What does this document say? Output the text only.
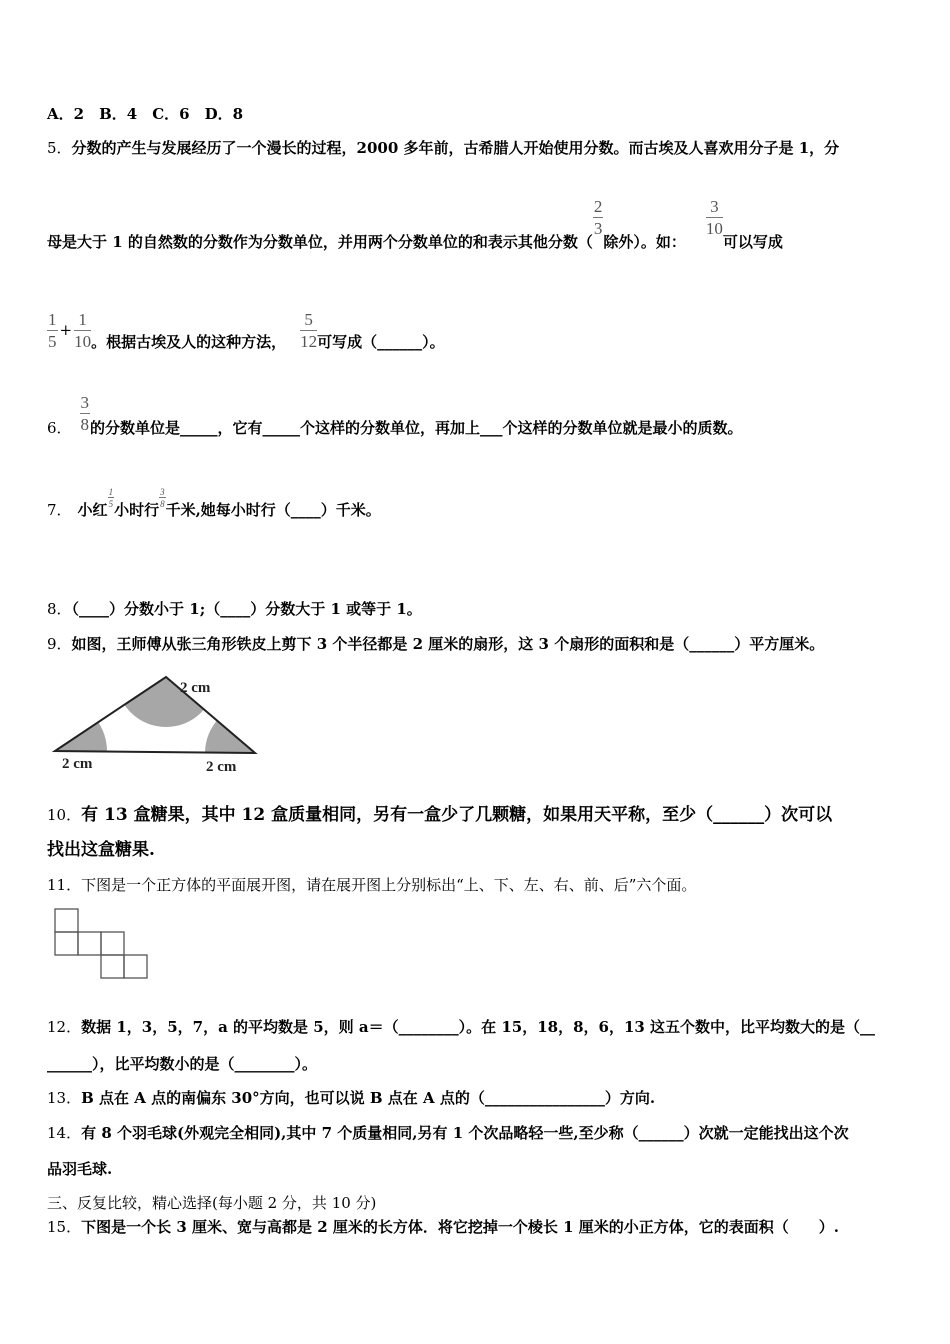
A．2　B．4　C．6　D．8
5．分数的产生与发展经历了一个漫长的过程，2000 多年前，古希腊人开始使用分数。而古埃及人喜欢用分子是 1，分
母是大于 1 的自然数的分数作为分数单位，并用两个分数单位的和表示其他分数（
$\frac{2}{3}$
除外）。如：
$\frac{3}{10}$
可以写成
$\frac{1}{5} + \frac{1}{10}$ 。根据古埃及人的这种方法， $\frac{5}{12}$ 可写成（______）。
6． $\frac{3}{8}$ 的分数单位是_____，它有_____个这样的分数单位，再加上___个这样的分数单位就是最小的质数。
7． 小红
$\frac{1}{5}$
小时行
$\frac{3}{8}$
千米,她每小时行（____）千米。
8．（____）分数小于 1;（____）分数大于 1 或等于 1。
9．如图，王师傅从张三角形铁皮上剪下 3 个半径都是 2 厘米的扇形，这 3 个扇形的面积和是（______）平方厘米。
2 cm
2 cm	2 cm
10．有 13 盒糖果，其中 12 盒质量相同，另有一盒少了几颗糖，如果用天平称，至少（______）次可以
找出这盒糖果.
11．下图是一个正方体的平面展开图，请在展开图上分别标出“上、下、左、右、前、后”六个面。
12．数据 1，3，5，7，a 的平均数是 5，则 a＝（________）。在 15，18，8，6，13 这五个数中，比平均数大的是（__
______），比平均数小的是（________）。
13．B 点在 A 点的南偏东 30°方向，也可以说 B 点在 A 点的（________________）方向.
14．有 8 个羽毛球(外观完全相同),其中 7 个质量相同,另有 1 个次品略轻一些,至少称（______）次就一定能找出这个次
品羽毛球.
三、反复比较，精心选择(每小题 2 分，共 10 分)
15．下图是一个长 3 厘米、宽与高都是 2 厘米的长方体．将它挖掉一个棱长 1 厘米的小正方体，它的表面积（　　）.
